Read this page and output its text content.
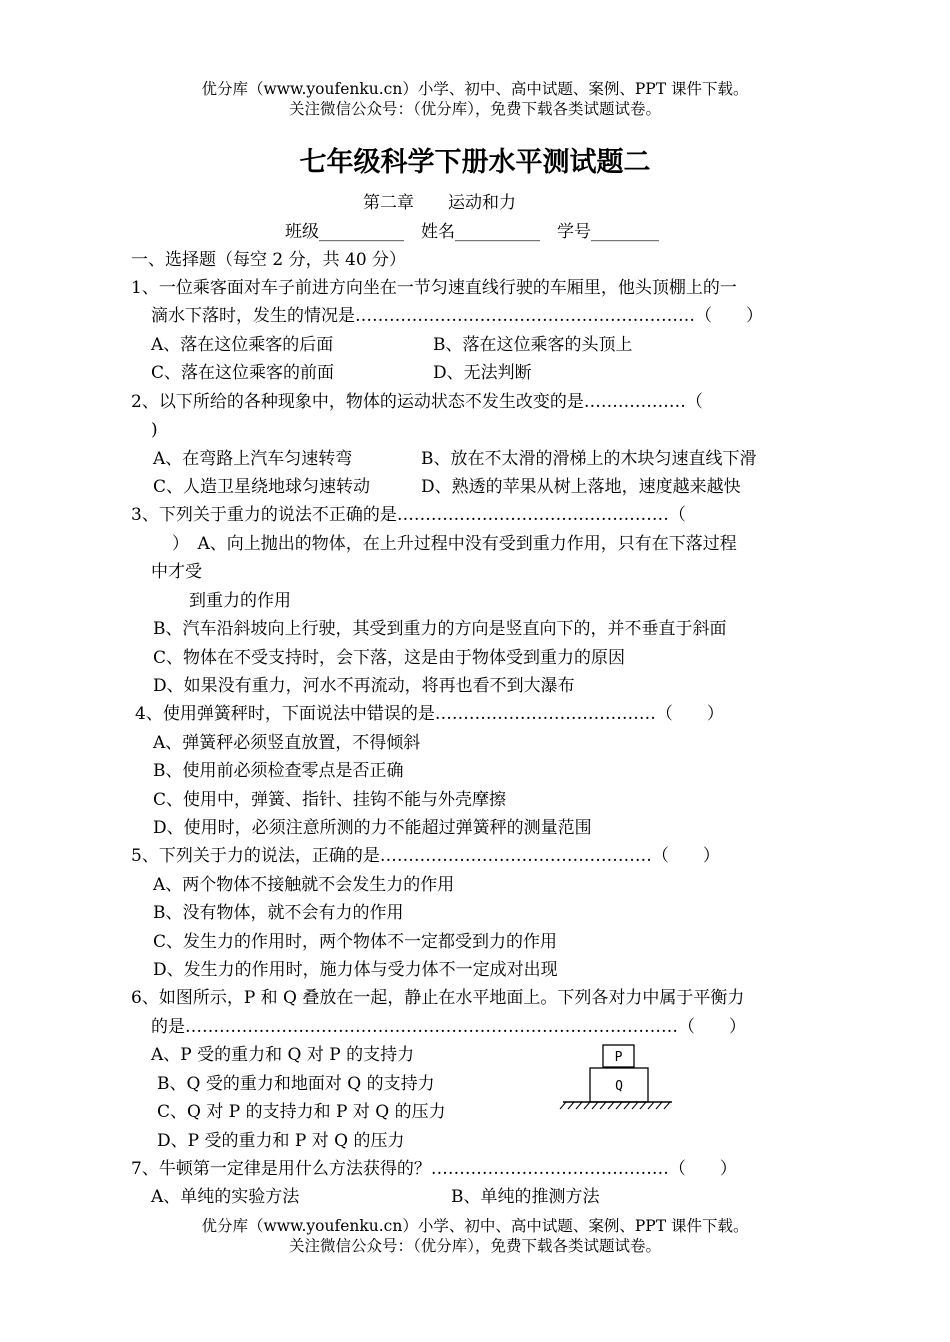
优分库（www.youfenku.cn）小学、初中、高中试题、案例、PPT 课件下载。
关注微信公众号：（优分库），免费下载各类试题试卷。
七年级科学下册水平测试题二
第二章　　运动和力
班级__________　姓名__________　学号________
一、选择题（每空 2 分，共 40 分）
1、一位乘客面对车子前进方向坐在一节匀速直线行驶的车厢里，他头顶棚上的一
滴水下落时，发生的情况是……………………………………………………（　　）
A、落在这位乘客的后面	B、落在这位乘客的头顶上
C、落在这位乘客的前面	D、无法判断
2、以下所给的各种现象中，物体的运动状态不发生改变的是………………（
)
A、在弯路上汽车匀速转弯	B、放在不太滑的滑梯上的木块匀速直线下滑
C、人造卫星绕地球匀速转动	D、熟透的苹果从树上落地，速度越来越快
3、下列关于重力的说法不正确的是…………………………………………（
）　A、向上抛出的物体，在上升过程中没有受到重力作用，只有在下落过程
中才受
到重力的作用
B、汽车沿斜坡向上行驶，其受到重力的方向是竖直向下的，并不垂直于斜面
C、物体在不受支持时，会下落，这是由于物体受到重力的原因
D、如果没有重力，河水不再流动，将再也看不到大瀑布
4、使用弹簧秤时，下面说法中错误的是…………………………………（　　）
A、弹簧秤必须竖直放置，不得倾斜
B、使用前必须检查零点是否正确
C、使用中，弹簧、指针、挂钩不能与外壳摩擦
D、使用时，必须注意所测的力不能超过弹簧秤的测量范围
5、下列关于力的说法，正确的是…………………………………………（　　）
A、两个物体不接触就不会发生力的作用
B、没有物体，就不会有力的作用
C、发生力的作用时，两个物体不一定都受到力的作用
D、发生力的作用时，施力体与受力体不一定成对出现
6、如图所示，P 和 Q 叠放在一起，静止在水平地面上。下列各对力中属于平衡力
的是……………………………………………………………………………（　　）
A、P 受的重力和 Q 对 P 的支持力
B、Q 受的重力和地面对 Q 的支持力
C、Q 对 P 的支持力和 P 对 Q 的压力
D、P 受的重力和 P 对 Q 的压力
P
Q
7、牛顿第一定律是用什么方法获得的？……………………………………（　　）
A、单纯的实验方法	B、单纯的推测方法
优分库（www.youfenku.cn）小学、初中、高中试题、案例、PPT 课件下载。
关注微信公众号：（优分库），免费下载各类试题试卷。
